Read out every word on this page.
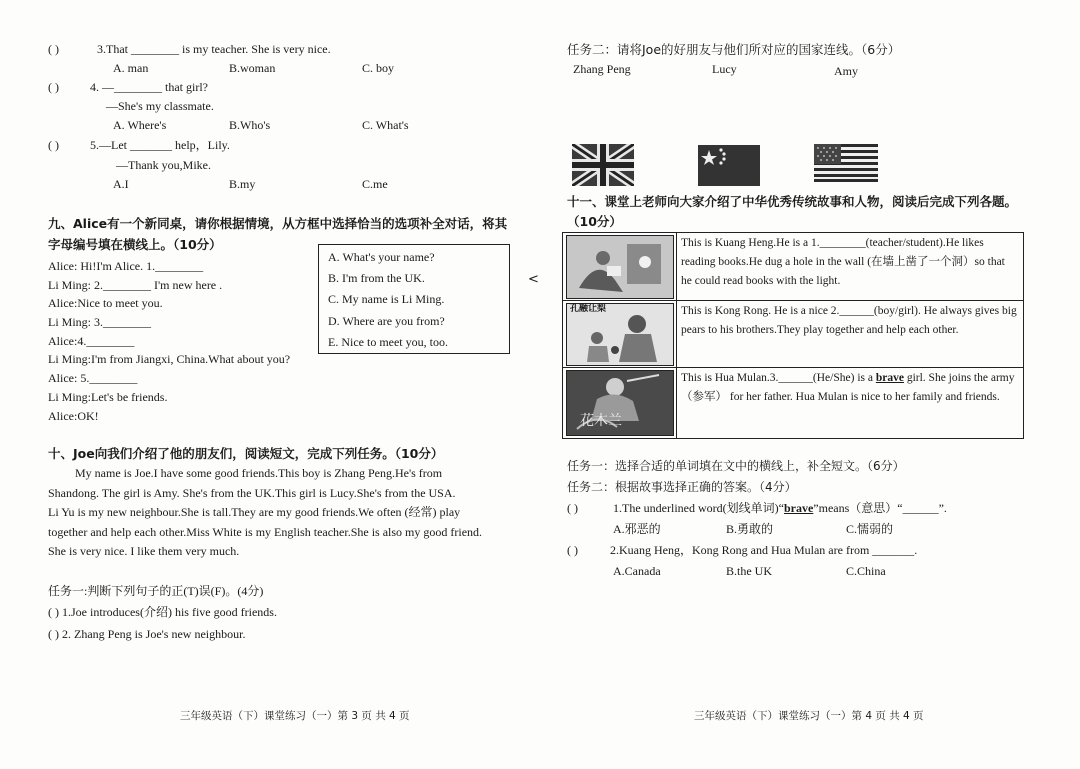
( )	3.That ________ is my teacher. She is very nice.
A. man	B.woman	C. boy
( )	4. —________ that girl?
—She's my classmate.
A. Where's	B.Who's	C. What's
( )	5.—Let _______ help，Lily.
—Thank you,Mike.
A.I	B.my	C.me
九、Alice有一个新同桌，请你根据情境，从方框中选择恰当的选项补全对话，将其
字母编号填在横线上。（10分）
Alice: Hi!I'm Alice. 1.________
Li Ming: 2.________ I'm new here .
Alice:Nice to meet you.
Li Ming: 3.________
Alice:4.________
Li Ming:I'm from Jiangxi, China.What about you?
Alice: 5.________
Li Ming:Let's be friends.
Alice:OK!
A. What's your name?
B. I'm from the UK.
C. My name is Li Ming.
D. Where are you from?
E. Nice to meet you, too.
十、Joe向我们介绍了他的朋友们，阅读短文，完成下列任务。（10分）
My name is Joe.I have some good friends.This boy is Zhang Peng.He's from
Shandong. The girl is Amy. She's from the UK.This girl is Lucy.She's from the USA.
Li Yu is my new neighbour.She is tall.They are my good friends.We often (经常) play
together and help each other.Miss White is my English teacher.She is also my good friend.
She is very nice. I like them very much.
任务一:判断下列句子的正(T)误(F)。(4分)
( ) 1.Joe introduces(介绍) his five good friends.
( ) 2. Zhang Peng is Joe's new neighbour.
三年级英语（下）课堂练习（一）第 3 页 共 4 页
<
任务二：请将Joe的好朋友与他们所对应的国家连线。（6分）
Zhang Peng	Lucy	Amy
十一、课堂上老师向大家介绍了中华优秀传统故事和人物，阅读后完成下列各题。
（10分）
This is Kuang Heng.He is a 1.________(teacher/student).He likes reading books.He dug a hole in the wall (在墙上凿了一个洞）so that he could read books with the light.
孔融让梨	This is Kong Rong. He is a nice 2.______(boy/girl). He always gives big pears to his brothers.They play together and help each other.
花木兰
This is Hua Mulan.3.______(He/She) is a brave girl. She joins the army（参军） for her father. Hua Mulan is nice to her family and friends.
任务一：选择合适的单词填在文中的横线上，补全短文。（6分）
任务二：根据故事选择正确的答案。（4分）
( )	1.The underlined word(划线单词)“brave”means（意思）“______”.
A.邪恶的	B.勇敢的	C.懦弱的
( )	2.Kuang Heng，Kong Rong and Hua Mulan are from _______.
A.Canada	B.the UK	C.China
三年级英语（下）课堂练习（一）第 4 页 共 4 页
